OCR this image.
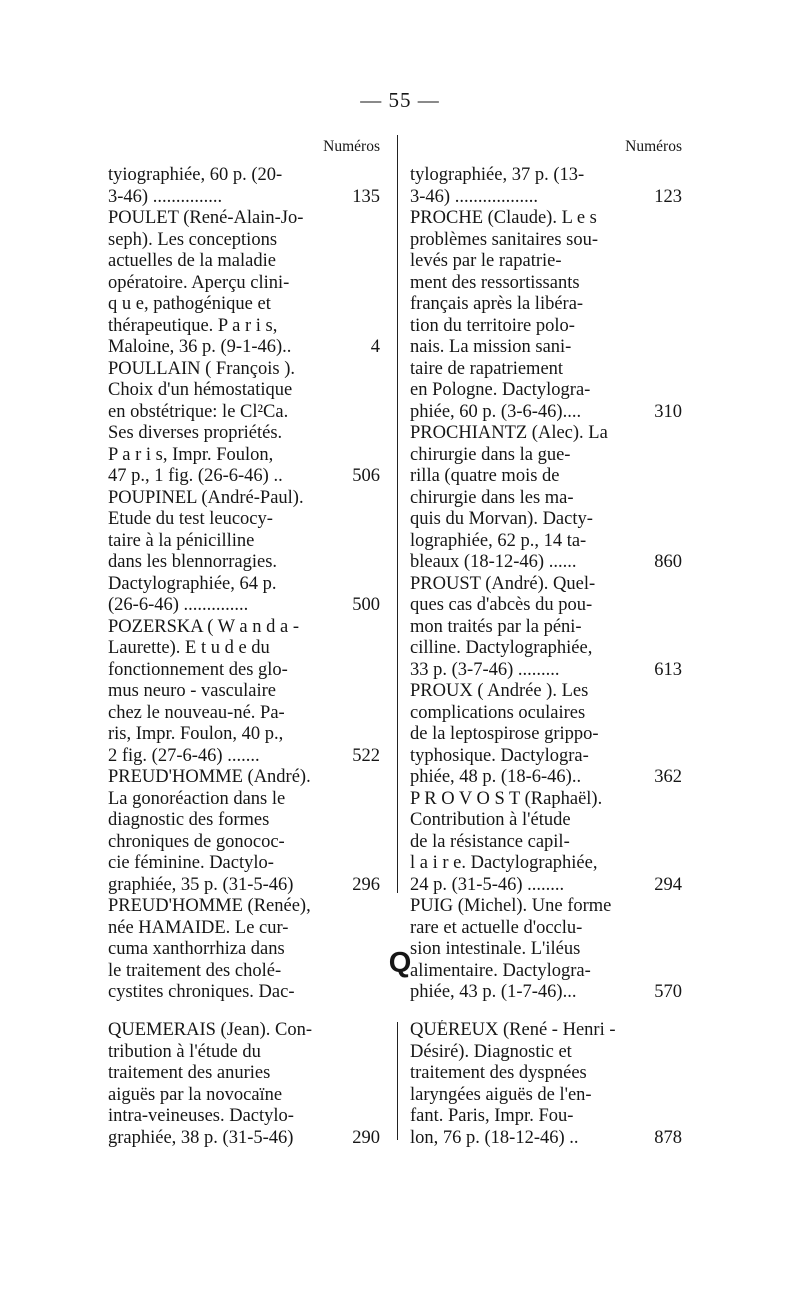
— 55 —
Numéros
tyiographiée, 60 p. (20-
3-46) ...............	135
POULET (René-Alain-Jo-
seph). Les conceptions
actuelles de la maladie
opératoire. Aperçu clini-
q u e, pathogénique et
thérapeutique. P a r i s,
Maloine, 36 p. (9-1-46)..	4
POULLAIN ( François ).
Choix d'un hémostatique
en obstétrique: le Cl²Ca.
Ses diverses propriétés.
P a r i s, Impr. Foulon,
47 p., 1 fig. (26-6-46) ..	506
POUPINEL (André-Paul).
Etude du test leucocy-
taire à la pénicilline
dans les blennorragies.
Dactylographiée, 64 p.
(26-6-46) ..............	500
POZERSKA ( W a n d a -
Laurette). E t u d e du
fonctionnement des glo-
mus neuro - vasculaire
chez le nouveau-né. Pa-
ris, Impr. Foulon, 40 p.,
2 fig. (27-6-46) .......	522
PREUD'HOMME (André).
La gonoréaction dans le
diagnostic des formes
chroniques de gonococ-
cie féminine. Dactylo-
graphiée, 35 p. (31-5-46)	296
PREUD'HOMME (Renée),
née HAMAIDE. Le cur-
cuma xanthorrhiza dans
le traitement des cholé-
cystites chroniques. Dac-
Numéros
tylographiée, 37 p. (13-
3-46) ..................	123
PROCHE (Claude). L e s
problèmes sanitaires sou-
levés par le rapatrie-
ment des ressortissants
français après la libéra-
tion du territoire polo-
nais. La mission sani-
taire de rapatriement
en Pologne. Dactylogra-
phiée, 60 p. (3-6-46)....	310
PROCHIANTZ (Alec). La
chirurgie dans la gue-
rilla (quatre mois de
chirurgie dans les ma-
quis du Morvan). Dacty-
lographiée, 62 p., 14 ta-
bleaux (18-12-46) ......	860
PROUST (André). Quel-
ques cas d'abcès du pou-
mon traités par la péni-
cilline. Dactylographiée,
33 p. (3-7-46) .........	613
PROUX ( Andrée ). Les
complications oculaires
de la leptospirose grippo-
typhosique. Dactylogra-
phiée, 48 p. (18-6-46)..	362
P R O V O S T (Raphaël).
Contribution à l'étude
de la résistance capil-
l a i r e. Dactylographiée,
24 p. (31-5-46) ........	294
PUIG (Michel). Une forme
rare et actuelle d'occlu-
sion intestinale. L'iléus
alimentaire. Dactylogra-
phiée, 43 p. (1-7-46)...	570
Q
QUEMERAIS (Jean). Con-
tribution à l'étude du
traitement des anuries
aiguës par la novocaïne
intra-veineuses. Dactylo-
graphiée, 38 p. (31-5-46)	290
QUÉREUX (René - Henri -
Désiré). Diagnostic et
traitement des dyspnées
laryngées aiguës de l'en-
fant. Paris, Impr. Fou-
lon, 76 p. (18-12-46) ..	878
